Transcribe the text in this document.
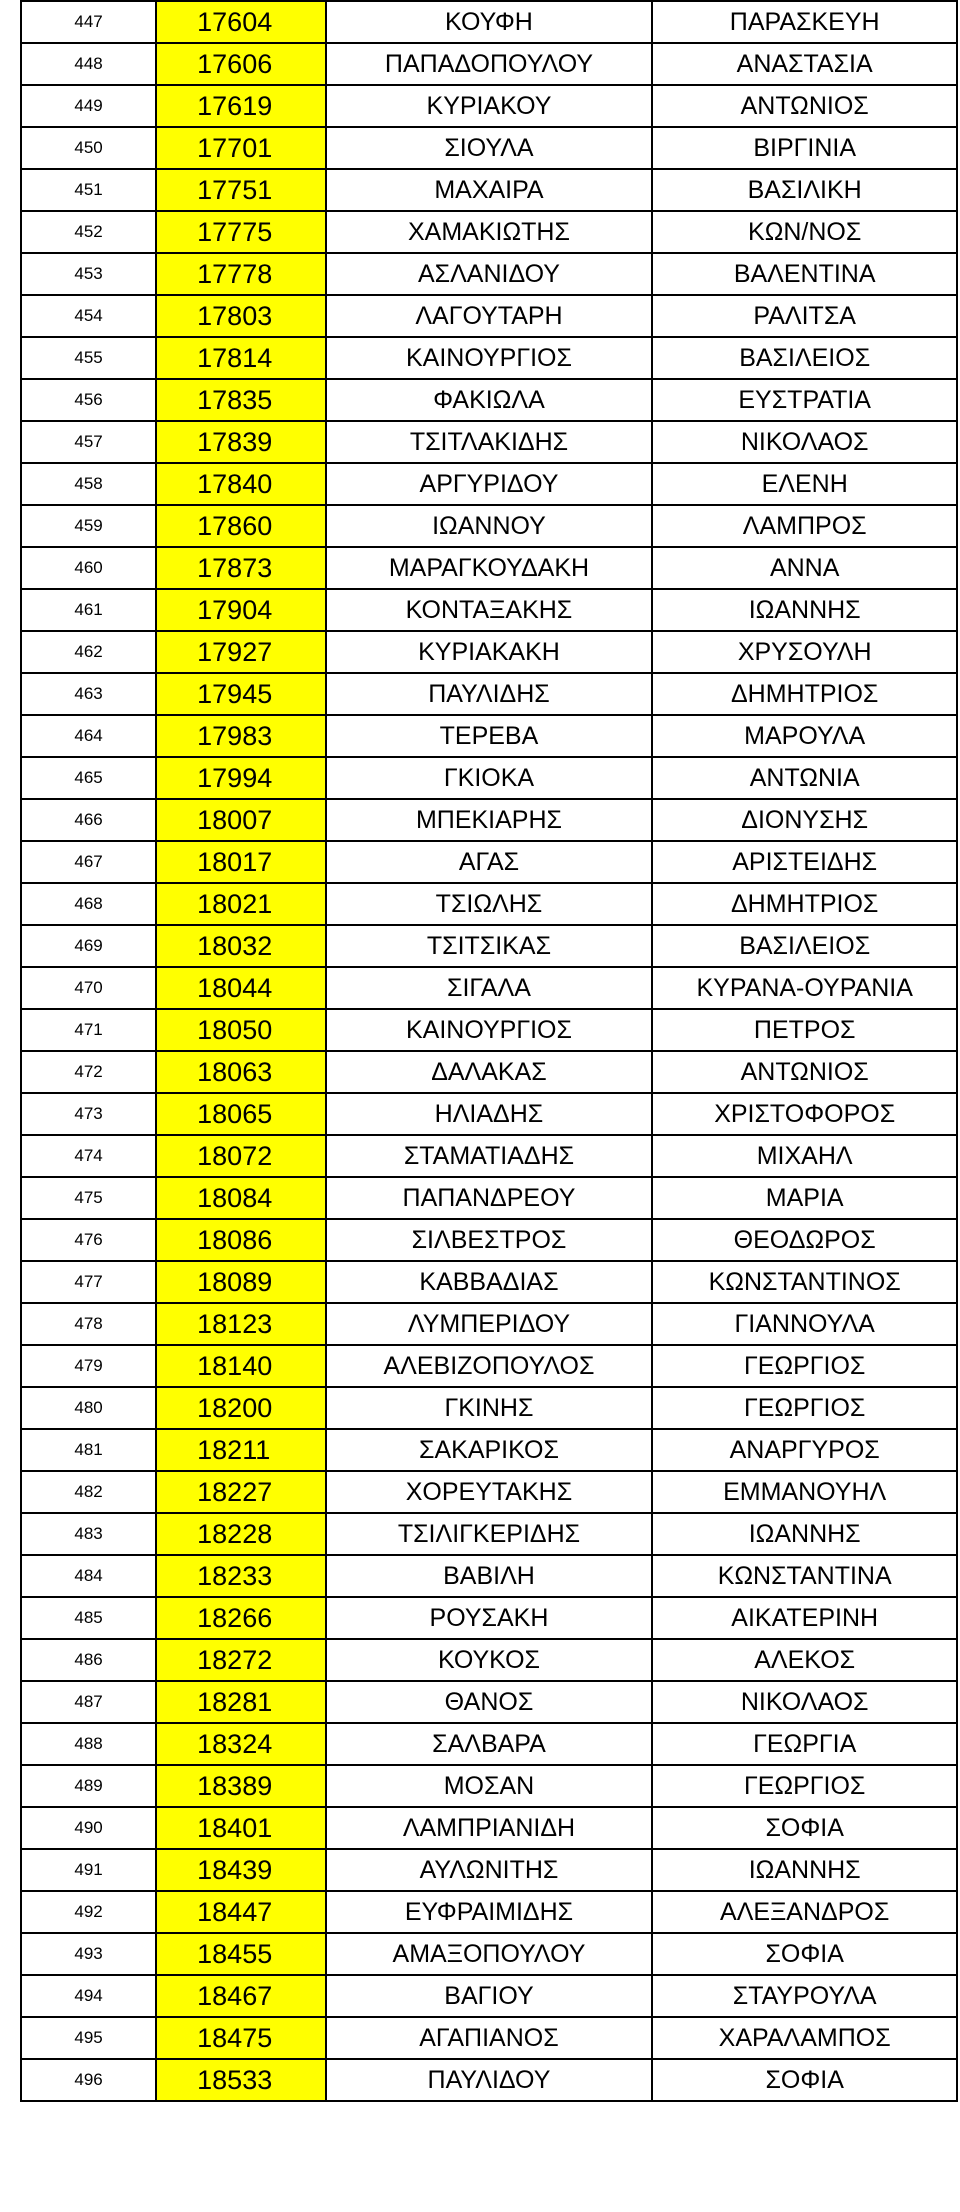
447	17604	ΚΟΥΦΗ	ΠΑΡΑΣΚΕΥΗ
448	17606	ΠΑΠΑΔΟΠΟΥΛΟΥ	ΑΝΑΣΤΑΣΙΑ
449	17619	ΚΥΡΙΑΚΟΥ	ΑΝΤΩΝΙΟΣ
450	17701	ΣΙΟΥΛΑ	ΒΙΡΓΙΝΙΑ
451	17751	ΜΑΧΑΙΡΑ	ΒΑΣΙΛΙΚΗ
452	17775	ΧΑΜΑΚΙΩΤΗΣ	ΚΩΝ/ΝΟΣ
453	17778	ΑΣΛΑΝΙΔΟΥ	ΒΑΛΕΝΤΙΝΑ
454	17803	ΛΑΓΟΥΤΑΡΗ	ΡΑΛΙΤΣΑ
455	17814	ΚΑΙΝΟΥΡΓΙΟΣ	ΒΑΣΙΛΕΙΟΣ
456	17835	ΦΑΚΙΩΛΑ	ΕΥΣΤΡΑΤΙΑ
457	17839	ΤΣΙΤΛΑΚΙΔΗΣ	ΝΙΚΟΛΑΟΣ
458	17840	ΑΡΓΥΡΙΔΟΥ	ΕΛΕΝΗ
459	17860	ΙΩΑΝΝΟΥ	ΛΑΜΠΡΟΣ
460	17873	ΜΑΡΑΓΚΟΥΔΑΚΗ	ΑΝΝΑ
461	17904	ΚΟΝΤΑΞΑΚΗΣ	ΙΩΑΝΝΗΣ
462	17927	ΚΥΡΙΑΚΑΚΗ	ΧΡΥΣΟΥΛΗ
463	17945	ΠΑΥΛΙΔΗΣ	ΔΗΜΗΤΡΙΟΣ
464	17983	ΤΕΡΕΒΑ	ΜΑΡΟΥΛΑ
465	17994	ΓΚΙΟΚΑ	ΑΝΤΩΝΙΑ
466	18007	ΜΠΕΚΙΑΡΗΣ	ΔΙΟΝΥΣΗΣ
467	18017	ΑΓΑΣ	ΑΡΙΣΤΕΙΔΗΣ
468	18021	ΤΣΙΩΛΗΣ	ΔΗΜΗΤΡΙΟΣ
469	18032	ΤΣΙΤΣΙΚΑΣ	ΒΑΣΙΛΕΙΟΣ
470	18044	ΣΙΓΑΛΑ	ΚΥΡΑΝΑ-ΟΥΡΑΝΙΑ
471	18050	ΚΑΙΝΟΥΡΓΙΟΣ	ΠΕΤΡΟΣ
472	18063	ΔΑΛΑΚΑΣ	ΑΝΤΩΝΙΟΣ
473	18065	ΗΛΙΑΔΗΣ	ΧΡΙΣΤΟΦΟΡΟΣ
474	18072	ΣΤΑΜΑΤΙΑΔΗΣ	ΜΙΧΑΗΛ
475	18084	ΠΑΠΑΝΔΡΕΟΥ	ΜΑΡΙΑ
476	18086	ΣΙΛΒΕΣΤΡΟΣ	ΘΕΟΔΩΡΟΣ
477	18089	ΚΑΒΒΑΔΙΑΣ	ΚΩΝΣΤΑΝΤΙΝΟΣ
478	18123	ΛΥΜΠΕΡΙΔΟΥ	ΓΙΑΝΝΟΥΛΑ
479	18140	ΑΛΕΒΙΖΟΠΟΥΛΟΣ	ΓΕΩΡΓΙΟΣ
480	18200	ΓΚΙΝΗΣ	ΓΕΩΡΓΙΟΣ
481	18211	ΣΑΚΑΡΙΚΟΣ	ΑΝΑΡΓΥΡΟΣ
482	18227	ΧΟΡΕΥΤΑΚΗΣ	ΕΜΜΑΝΟΥΗΛ
483	18228	ΤΣΙΛΙΓΚΕΡΙΔΗΣ	ΙΩΑΝΝΗΣ
484	18233	ΒΑΒΙΛΗ	ΚΩΝΣΤΑΝΤΙΝΑ
485	18266	ΡΟΥΣΑΚΗ	ΑΙΚΑΤΕΡΙΝΗ
486	18272	ΚΟΥΚΟΣ	ΑΛΕΚΟΣ
487	18281	ΘΑΝΟΣ	ΝΙΚΟΛΑΟΣ
488	18324	ΣΑΛΒΑΡΑ	ΓΕΩΡΓΙΑ
489	18389	ΜΟΣΑΝ	ΓΕΩΡΓΙΟΣ
490	18401	ΛΑΜΠΡΙΑΝΙΔΗ	ΣΟΦΙΑ
491	18439	ΑΥΛΩΝΙΤΗΣ	ΙΩΑΝΝΗΣ
492	18447	ΕΥΦΡΑΙΜΙΔΗΣ	ΑΛΕΞΑΝΔΡΟΣ
493	18455	ΑΜΑΞΟΠΟΥΛΟΥ	ΣΟΦΙΑ
494	18467	ΒΑΓΙΟΥ	ΣΤΑΥΡΟΥΛΑ
495	18475	ΑΓΑΠΙΑΝΟΣ	ΧΑΡΑΛΑΜΠΟΣ
496	18533	ΠΑΥΛΙΔΟΥ	ΣΟΦΙΑ
